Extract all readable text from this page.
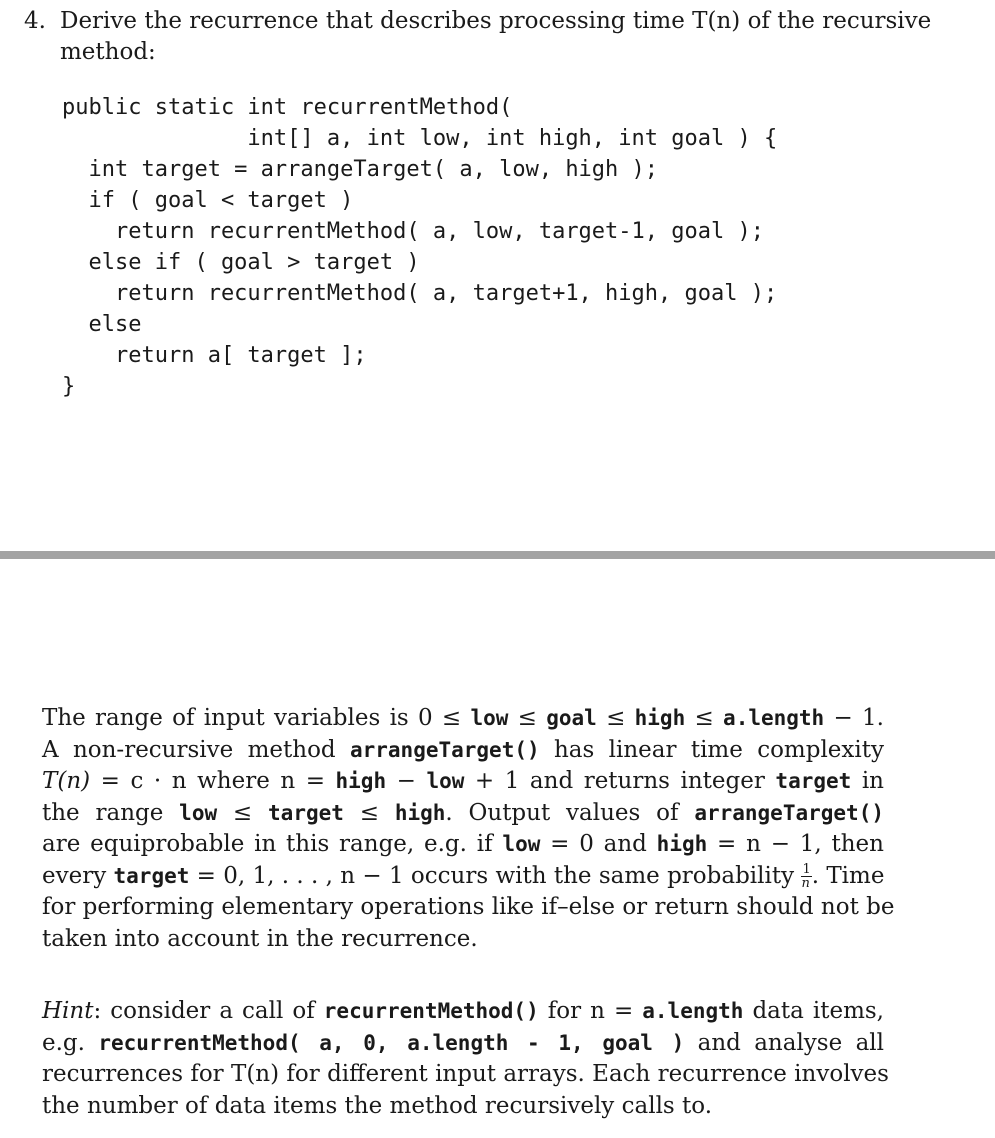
4. Derive the recurrence that describes processing time T(n) of the recursive
method:
public static int recurrentMethod(
int[] a, int low, int high, int goal ) {
int target = arrangeTarget( a, low, high );
if ( goal < target )
return recurrentMethod( a, low, target-1, goal );
else if ( goal > target )
return recurrentMethod( a, target+1, high, goal );
else
return a[ target ];
}
The range of input variables is 0 ≤ low ≤ goal ≤ high ≤ a.length − 1.
A non-recursive method arrangeTarget() has linear time complexity
T(n) = c · n where n = high − low + 1 and returns integer target in
the range low ≤ target ≤ high. Output values of arrangeTarget()
are equiprobable in this range, e.g. if low = 0 and high = n − 1, then
every target = 0, 1, . . . , n − 1 occurs with the same probability $\frac{1}{n}$ . Time
for performing elementary operations like if–else or return should not be
taken into account in the recurrence.
Hint: consider a call of recurrentMethod() for n = a.length data items,
e.g. recurrentMethod( a, 0, a.length - 1, goal ) and analyse all
recurrences for T(n) for different input arrays. Each recurrence involves
the number of data items the method recursively calls to.
